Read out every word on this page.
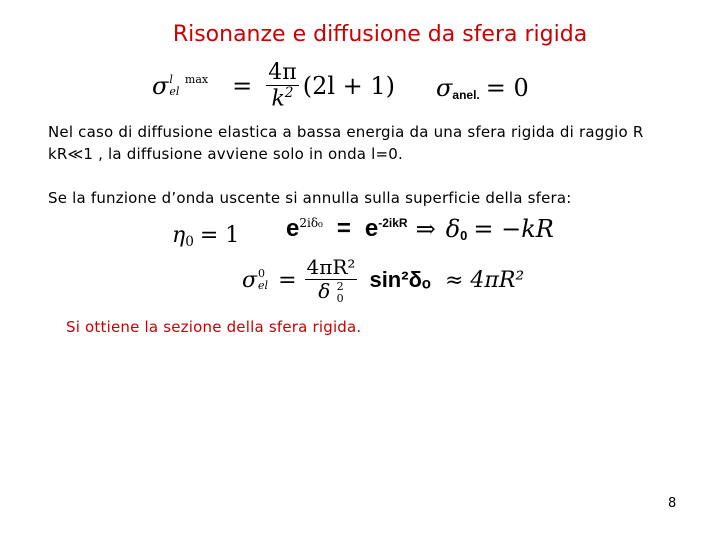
Risonanze e diffusione da sfera rigida
σ l max
el	= $\frac{4\pi}{k^2} (2l + 1)$ σ anel. = 0
Nel caso di diffusione elastica a bassa energia da una sfera rigida di raggio R
kR≪1 , la diffusione avviene solo in onda l=0.
Se la funzione d’onda uscente si annulla sulla superficie della sfera:
$\eta_0 = 1$ $e^{2i\delta_0} = e^{-2ikR}$ ⇒ $\delta_0 = -kR$
σ 0
el = 4πR²
δ 2
0 sin²δₒ ≈ 4πR²
Si ottiene la sezione della sfera rigida.
8
